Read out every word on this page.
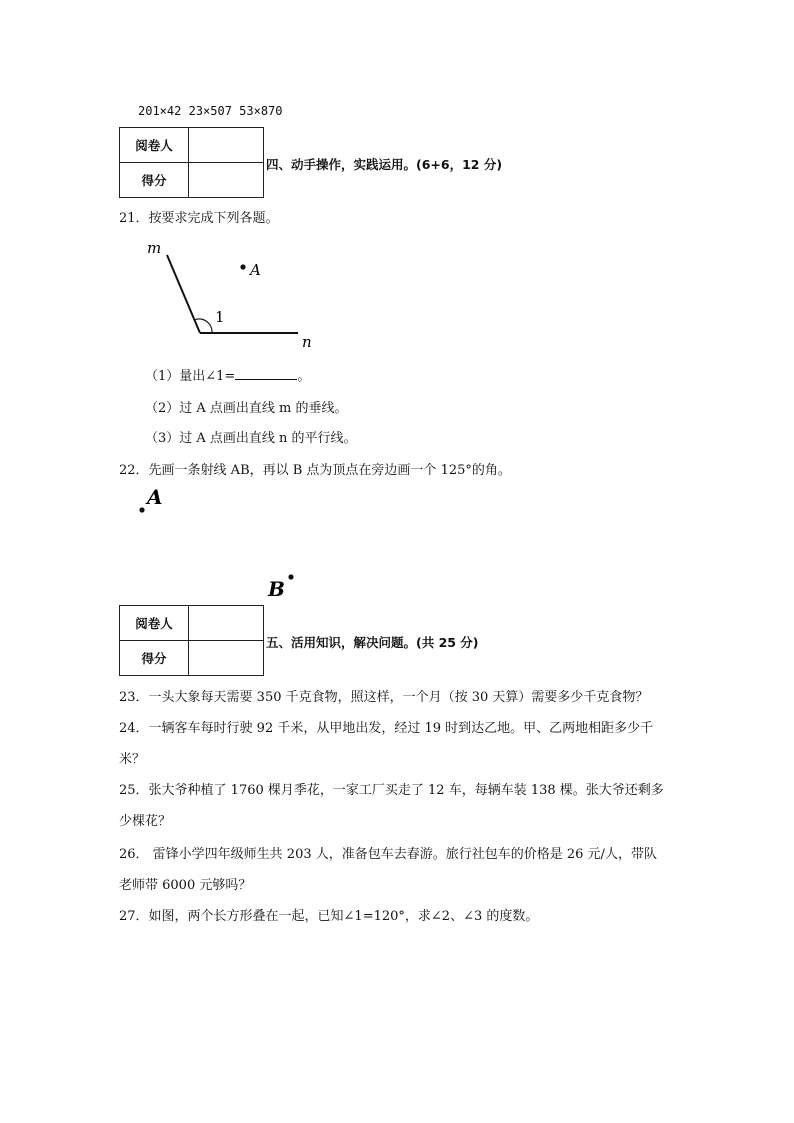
201×42 23×507 53×870
阅卷人	
得分	
四、动手操作，实践运用。(6+6，12 分)
21．按要求完成下列各题。
m
n
A
1
（1）量出∠1=	。
（2）过 A 点画出直线 m 的垂线。
（3）过 A 点画出直线 n 的平行线。
22．先画一条射线 AB，再以 B 点为顶点在旁边画一个 125°的角。
A
B
阅卷人	
得分	
五、活用知识，解决问题。(共 25 分)
23．一头大象每天需要 350 千克食物，照这样，一个月（按 30 天算）需要多少千克食物？
24．一辆客车每时行驶 92 千米，从甲地出发，经过 19 时到达乙地。甲、乙两地相距多少千
米？
25．张大爷种植了 1760 棵月季花，一家工厂买走了 12 车，每辆车装 138 棵。张大爷还剩多
少棵花？
26． 雷锋小学四年级师生共 203 人，准备包车去春游。旅行社包车的价格是 26 元/人，带队
老师带 6000 元够吗？
27．如图，两个长方形叠在一起，已知∠1=120°，求∠2、∠3 的度数。
